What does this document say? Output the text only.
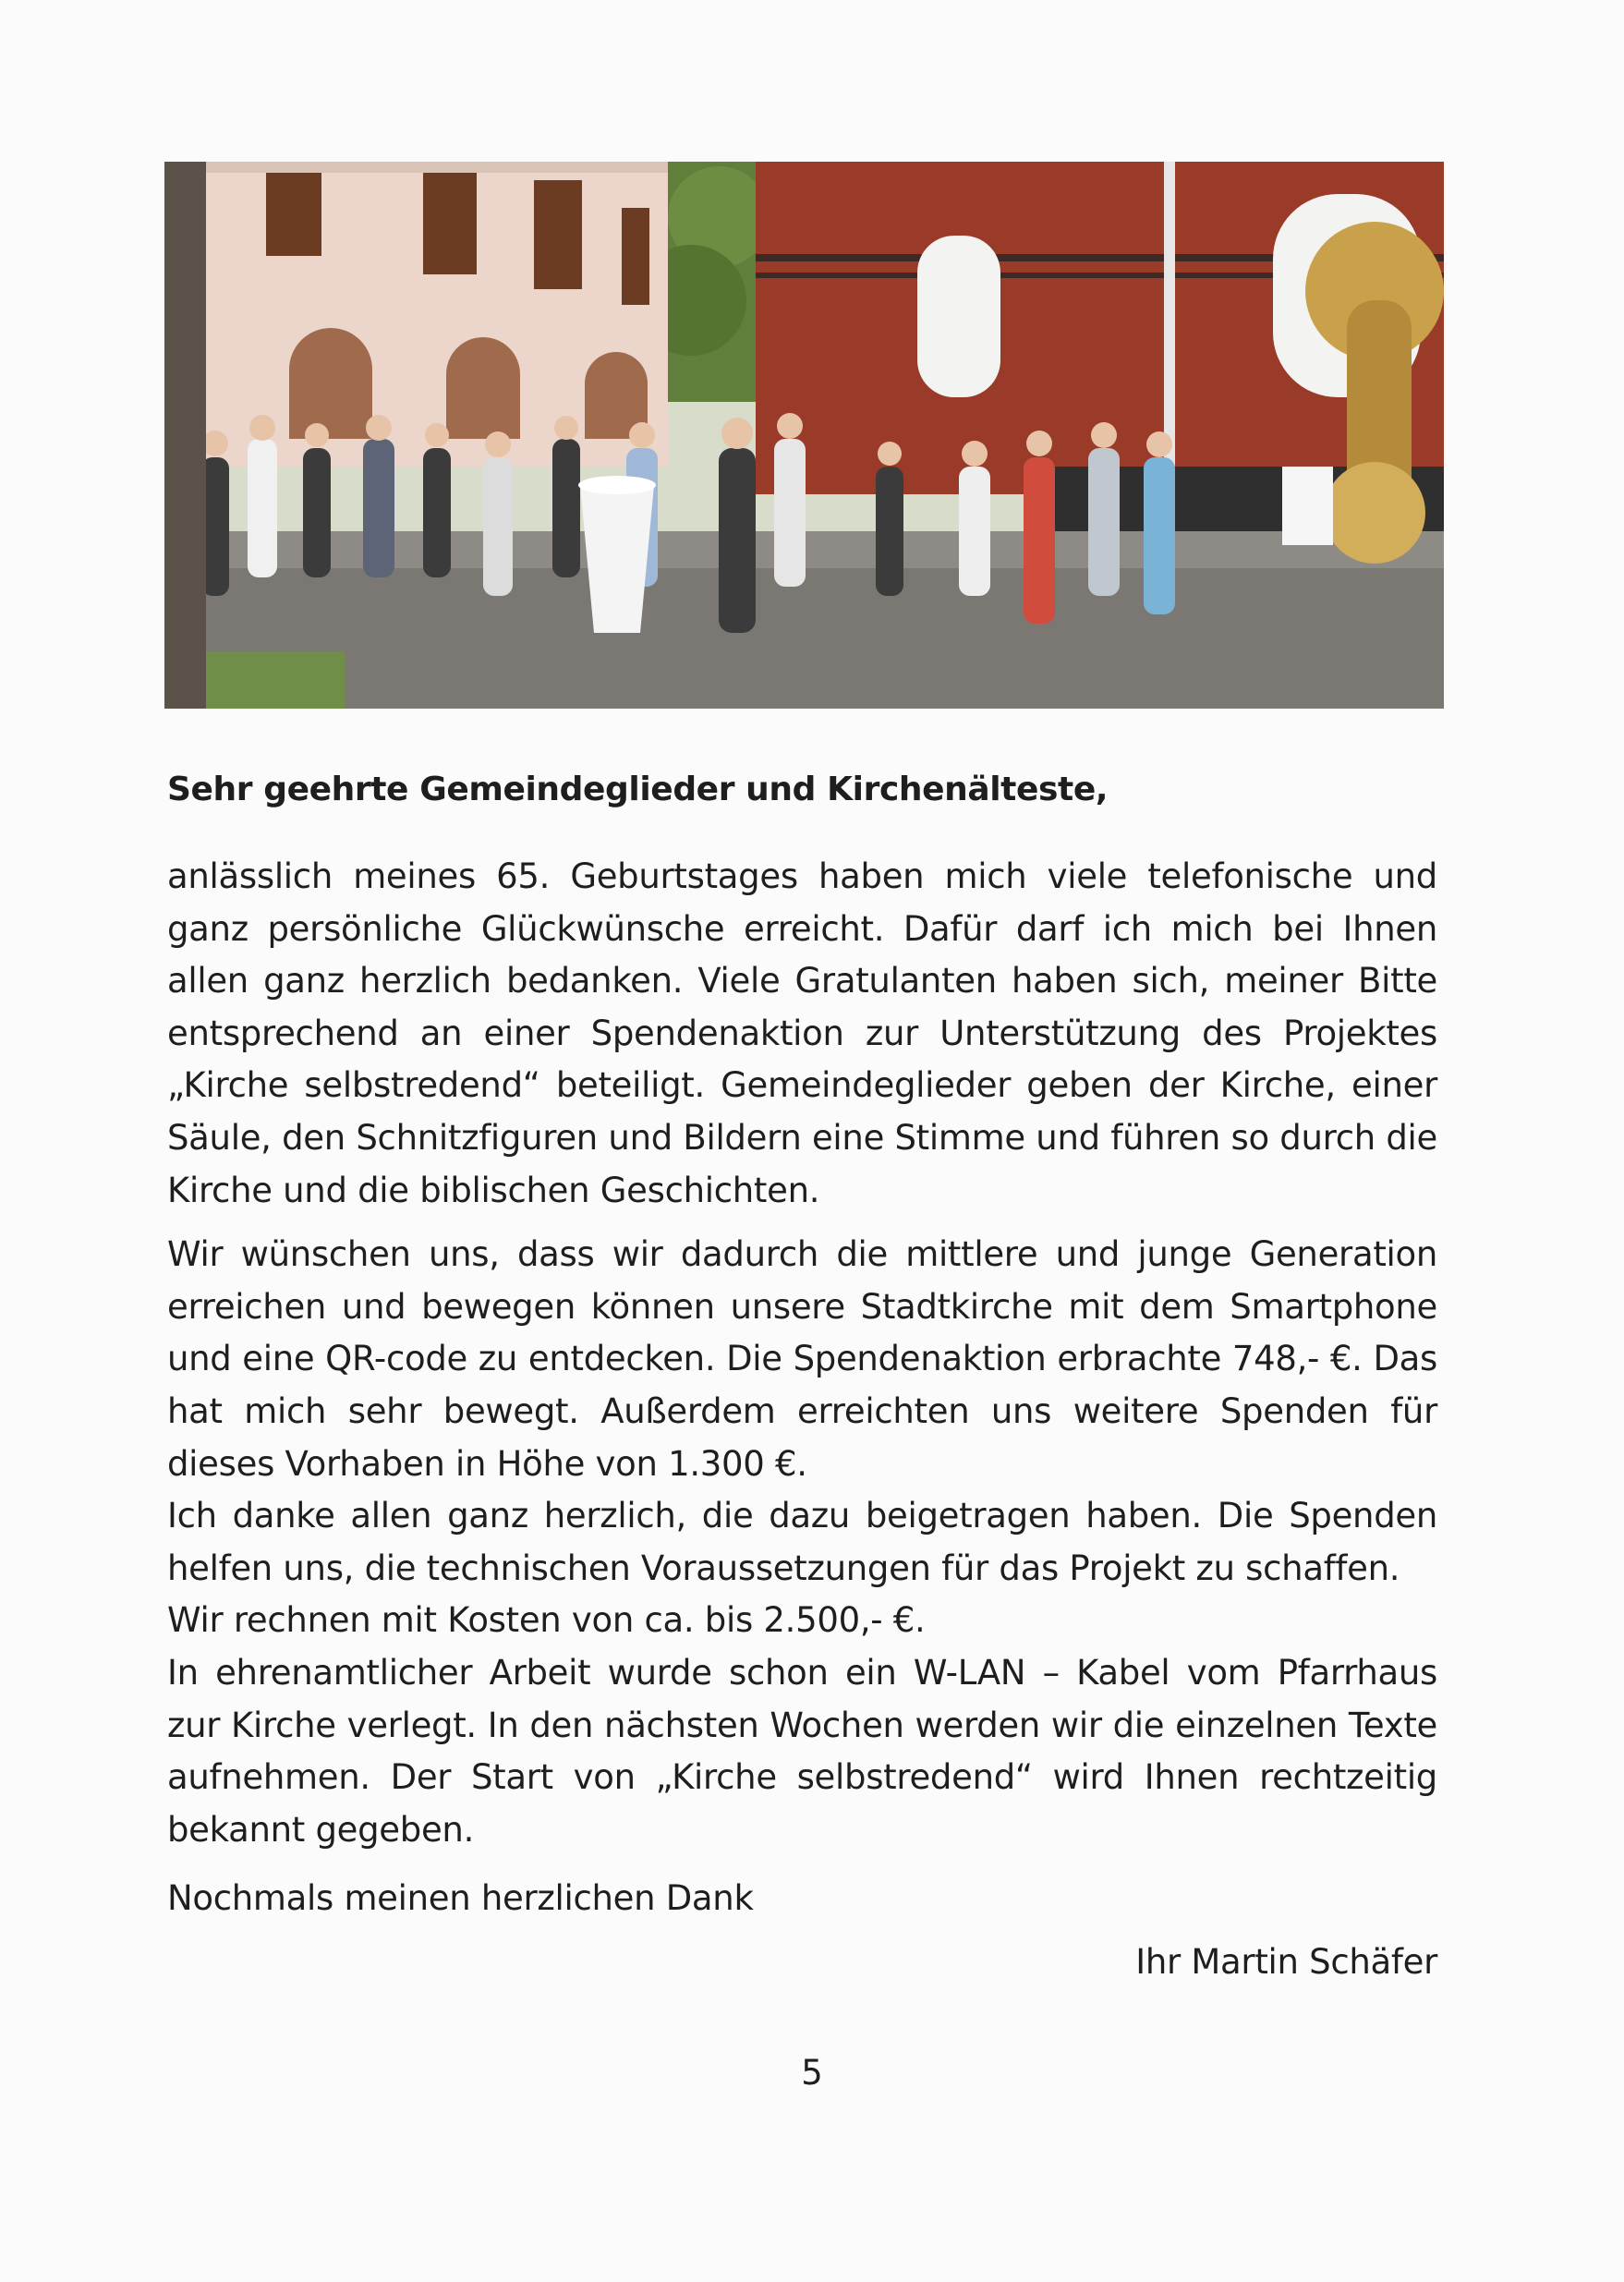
Sehr geehrte Gemeindeglieder und Kirchenälteste,

anlässlich meines 65. Geburtstages haben mich viele telefonische und ganz persönliche Glückwünsche erreicht. Dafür darf ich mich bei Ihnen allen ganz herzlich bedanken. Viele Gratulanten haben sich, meiner Bitte entsprechend an einer Spendenaktion zur Unterstützung des Projektes „Kirche selbstredend“ beteiligt. Gemeindeglieder geben der Kirche, einer Säule, den Schnitzfiguren und Bildern eine Stimme und führen so durch die Kirche und die biblischen Geschichten.

Wir wünschen uns, dass wir dadurch die mittlere und junge Generation erreichen und bewegen können unsere Stadtkirche mit dem Smartphone und eine QR-code zu entdecken. Die Spendenaktion erbrachte 748,- €. Das hat mich sehr bewegt. Außerdem erreichten uns weitere Spenden für dieses Vorhaben in Höhe von 1.300 €.

Ich danke allen ganz herzlich, die dazu beigetragen haben. Die Spenden helfen uns, die technischen Voraussetzungen für das Projekt zu schaffen.

Wir rechnen mit Kosten von ca. bis 2.500,- €.

In ehrenamtlicher Arbeit wurde schon ein W-LAN – Kabel vom Pfarrhaus zur Kirche verlegt. In den nächsten Wochen werden wir die einzelnen Texte aufnehmen. Der Start von „Kirche selbstredend“ wird Ihnen rechtzeitig bekannt gegeben.

Nochmals meinen herzlichen Dank

Ihr Martin Schäfer
5
